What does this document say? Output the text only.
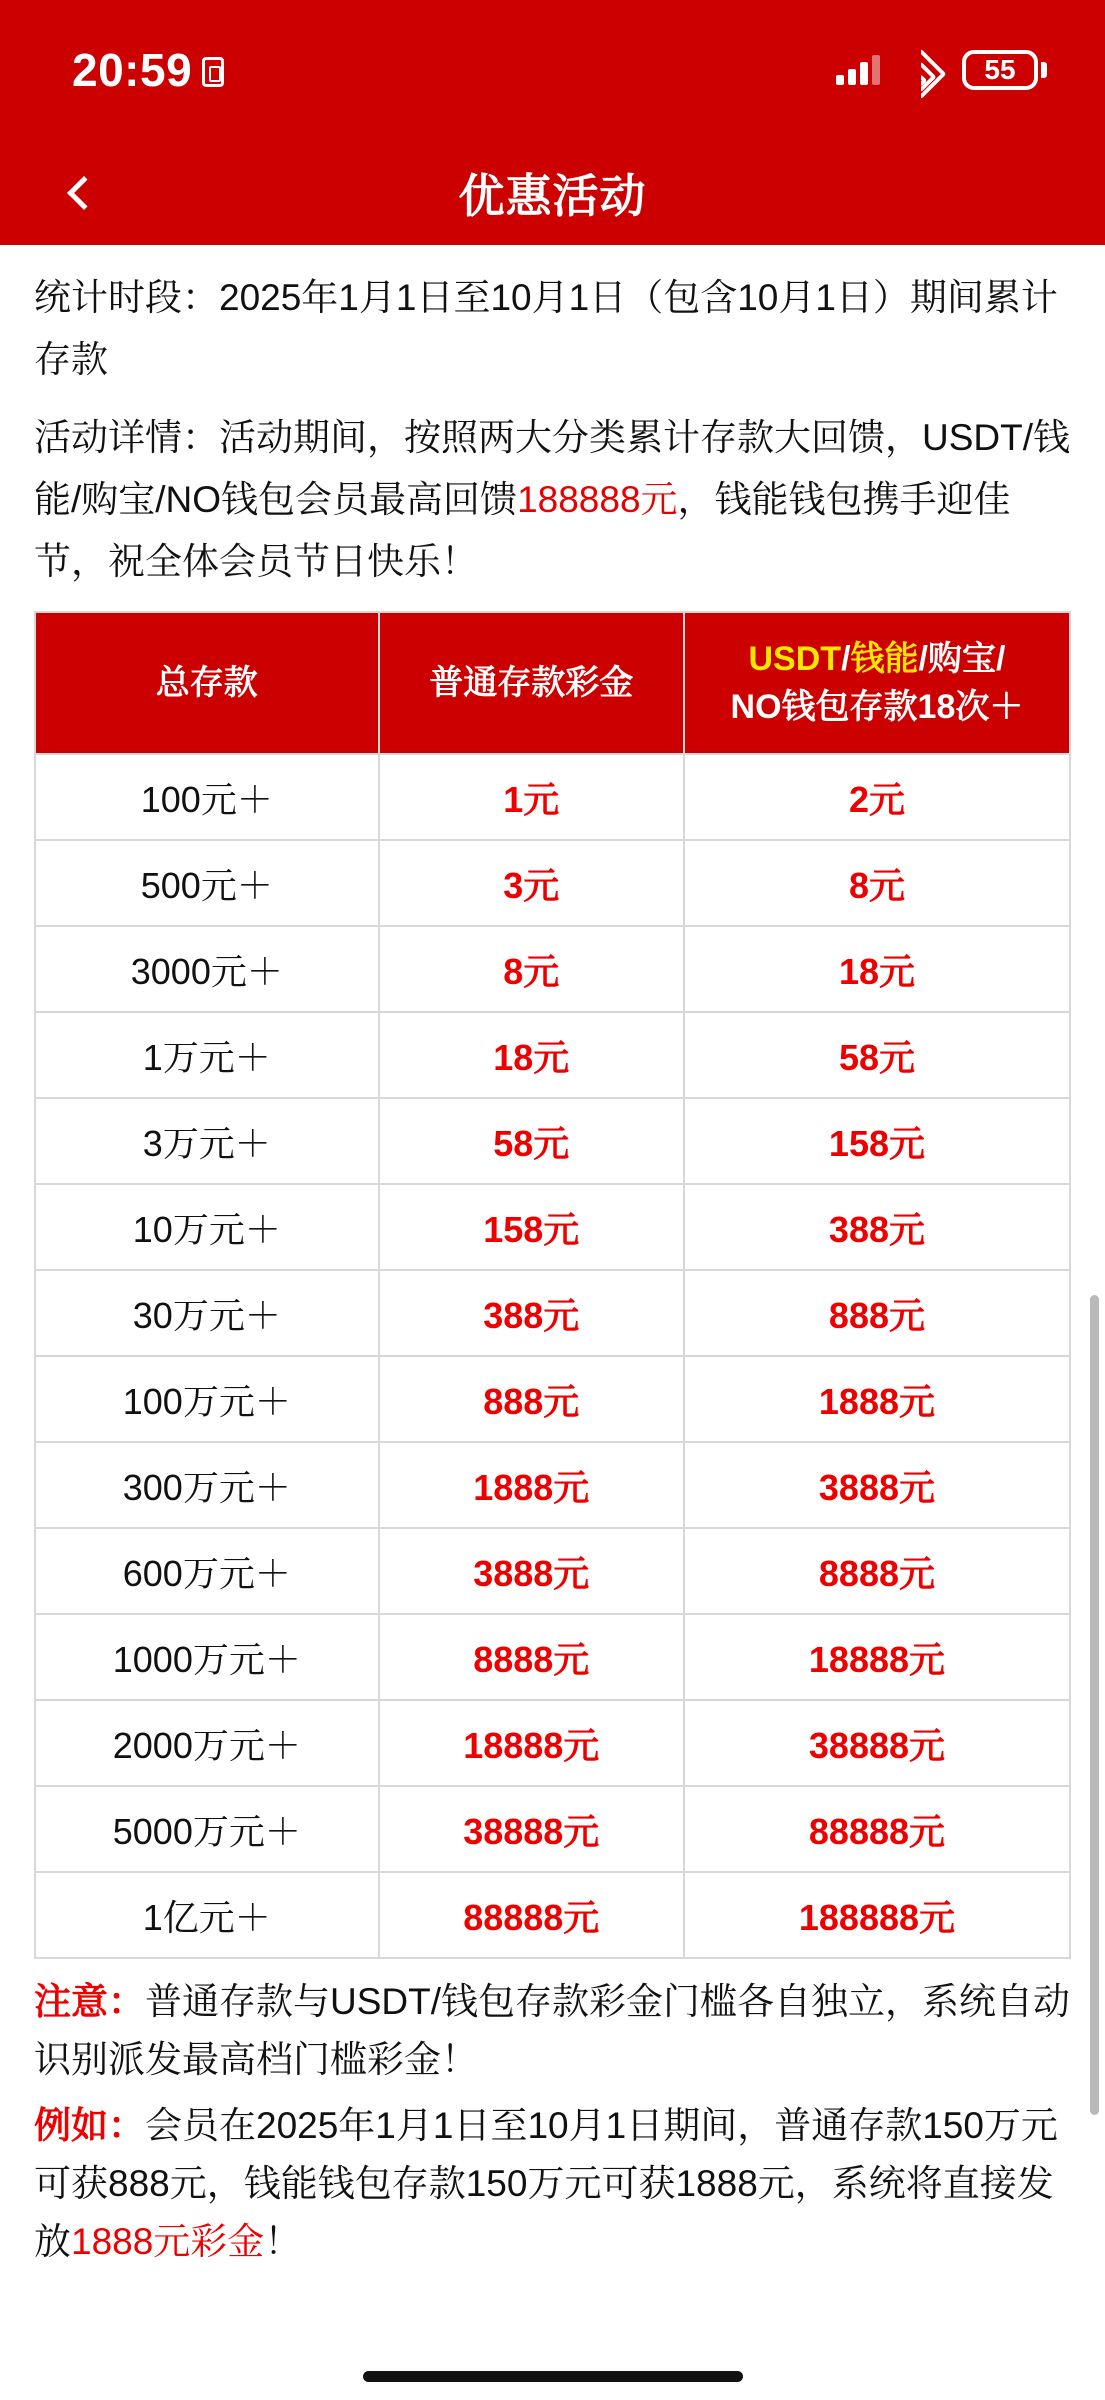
20:59	55
优惠活动

统计时段：2025年1月1日至10月1日（包含10月1日）期间累计存款

活动详情：活动期间，按照两大分类累计存款大回馈，USDT/钱能/购宝/NO钱包会员最高回馈188888元，钱能钱包携手迎佳节，祝全体会员节日快乐！

总存款	普通存款彩金	USDT/钱能/购宝/
NO钱包存款18次＋
100元＋	1元	2元
500元＋	3元	8元
3000元＋	8元	18元
1万元＋	18元	58元
3万元＋	58元	158元
10万元＋	158元	388元
30万元＋	388元	888元
100万元＋	888元	1888元
300万元＋	1888元	3888元
600万元＋	3888元	8888元
1000万元＋	8888元	18888元
2000万元＋	18888元	38888元
5000万元＋	38888元	88888元
1亿元＋	88888元	188888元

注意：普通存款与USDT/钱包存款彩金门槛各自独立，系统自动识别派发最高档门槛彩金！

例如：会员在2025年1月1日至10月1日期间，普通存款150万元可获888元，钱能钱包存款150万元可获1888元，系统将直接发放1888元彩金！
